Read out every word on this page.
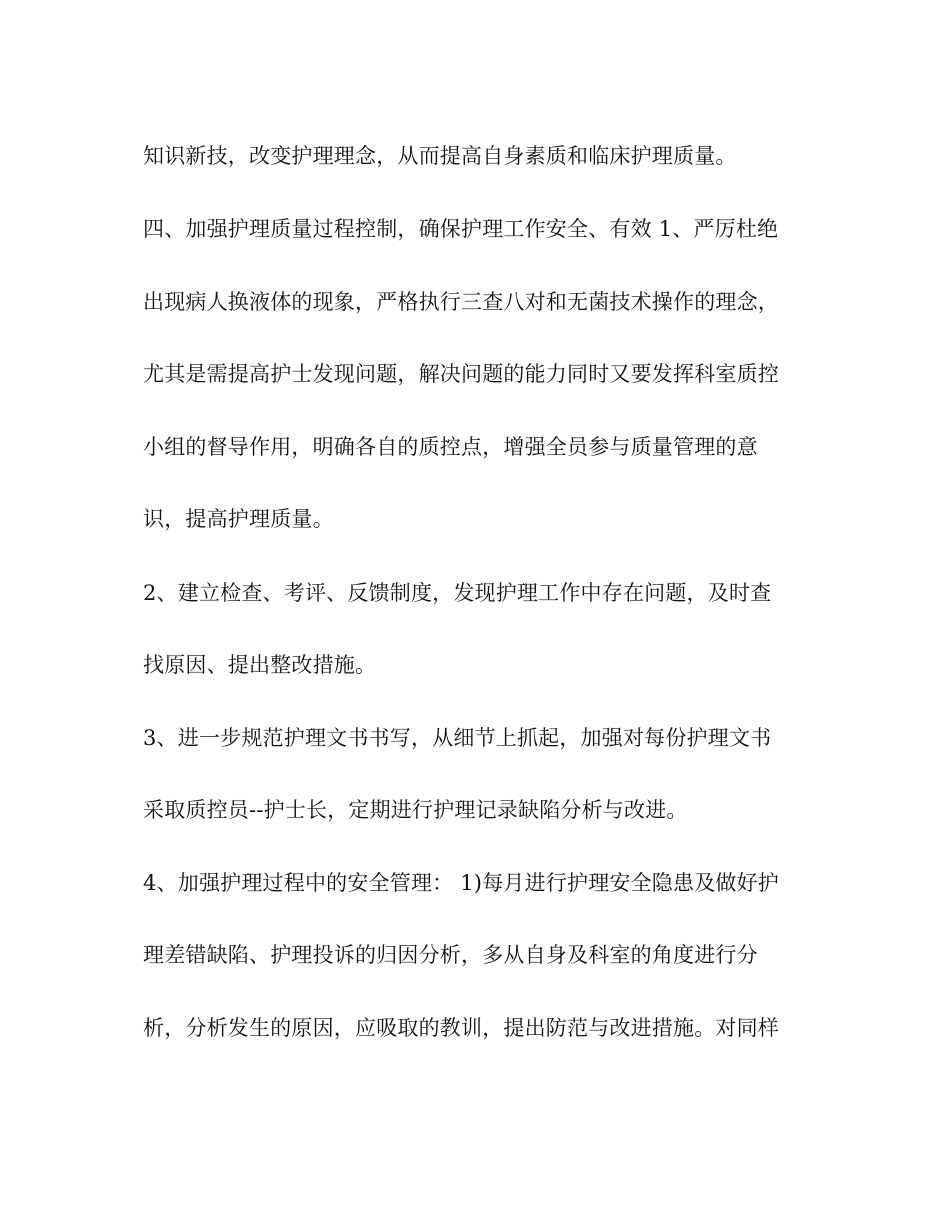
知识新技，改变护理理念，从而提高自身素质和临床护理质量。
四、加强护理质量过程控制，确保护理工作安全、有效 1、严厉杜绝
出现病人换液体的现象，严格执行三查八对和无菌技术操作的理念，
尤其是需提高护士发现问题，解决问题的能力同时又要发挥科室质控
小组的督导作用，明确各自的质控点，增强全员参与质量管理的意
识，提高护理质量。
2、建立检查、考评、反馈制度，发现护理工作中存在问题，及时查
找原因、提出整改措施。
3、进一步规范护理文书书写，从细节上抓起，加强对每份护理文书
采取质控员--护士长，定期进行护理记录缺陷分析与改进。
4、加强护理过程中的安全管理： 1)每月进行护理安全隐患及做好护
理差错缺陷、护理投诉的归因分析，多从自身及科室的角度进行分
析，分析发生的原因，应吸取的教训，提出防范与改进措施。对同样
